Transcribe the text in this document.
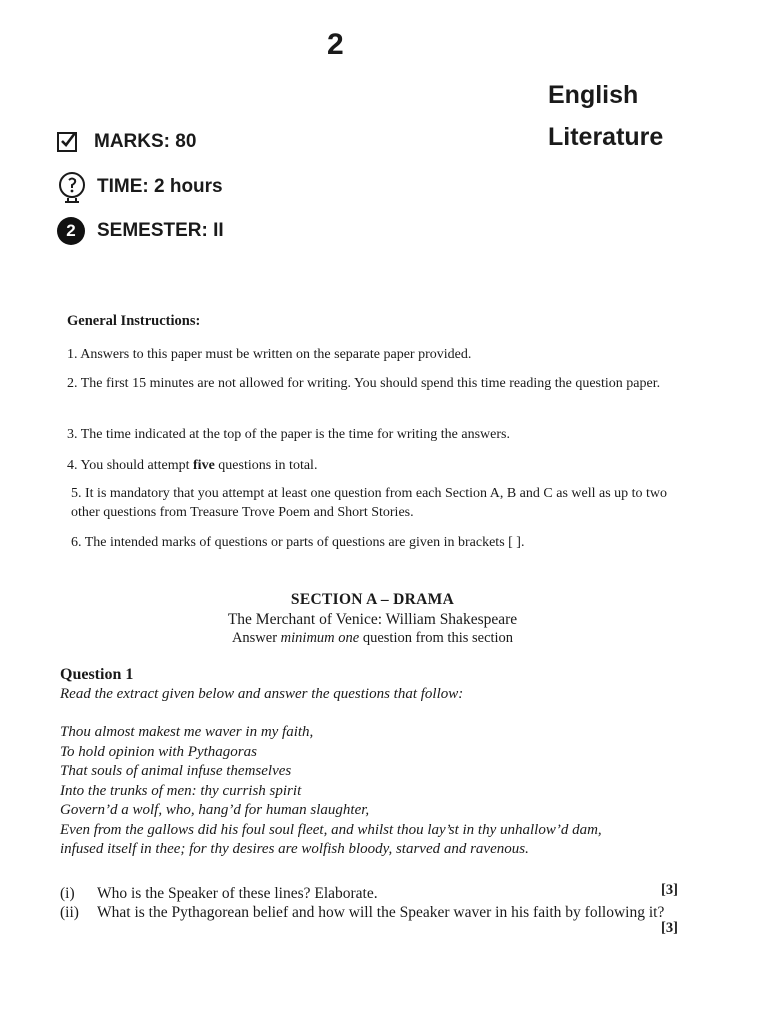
2
English
Literature
MARKS: 80
TIME: 2 hours
2	SEMESTER: II
General Instructions:
1. Answers to this paper must be written on the separate paper provided.
2. The first 15 minutes are not allowed for writing. You should spend this time reading the question paper.
3. The time indicated at the top of the paper is the time for writing the answers.
4. You should attempt five questions in total.
5. It is mandatory that you attempt at least one question from each Section A, B and C as well as up to two other questions from Treasure Trove Poem and Short Stories.
6. The intended marks of questions or parts of questions are given in brackets [ ].
SECTION A – DRAMA
The Merchant of Venice: William Shakespeare
Answer minimum one question from this section
Question 1
Read the extract given below and answer the questions that follow:
Thou almost makest me waver in my faith,
To hold opinion with Pythagoras
That souls of animal infuse themselves
Into the trunks of men: thy currish spirit
Govern’d a wolf, who, hang’d for human slaughter,
Even from the gallows did his foul soul fleet, and whilst thou lay’st in thy unhallow’d dam,
infused itself in thee; for thy desires are wolfish bloody, starved and ravenous.
(i) Who is the Speaker of these lines? Elaborate.	[3]
(ii) What is the Pythagorean belief and how will the Speaker waver in his faith by following it?
[3]
